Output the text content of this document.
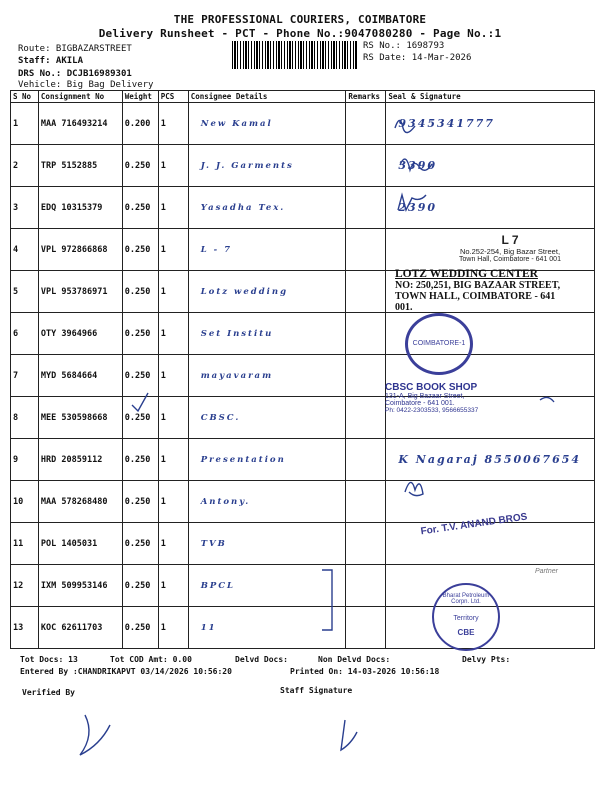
THE PROFESSIONAL COURIERS, COIMBATORE
Delivery Runsheet - PCT - Phone No.:9047080280 - Page No.:1
Route: BIGBAZARSTREET
Staff: AKILA
DRS No.: DCJB16989301
Vehicle: Big Bag Delivery
RS No.: 1698793
RS Date: 14-Mar-2026
S No	Consignment No	Weight	PCS	Consignee Details	Remarks	Seal & Signature
1	MAA 716493214	0.200	1	New Kamal		9345341777
2	TRP 5152885	0.250	1	J. J. Garments		3390
3	EDQ 10315379	0.250	1	Yasadha Tex.		2390
4	VPL 972866868	0.250	1	L - 7		
5	VPL 953786971	0.250	1	Lotz wedding		
6	OTY 3964966	0.250	1	Set Institu		
7	MYD 5684664	0.250	1	mayavaram		
8	MEE 530598668	0.250	1	CBSC.		
9	HRD 20859112	0.250	1	Presentation		K Nagaraj 8550067654
10	MAA 578268480	0.250	1	Antony.		
11	POL 1405031	0.250	1	TVB		
12	IXM 509953146	0.250	1	BPCL		
13	KOC 62611703	0.250	1	11		
L 7
No.252-254, Big Bazar Street,
Town Hall, Coimbatore - 641 001
LOTZ WEDDING CENTER
NO: 250,251, BIG BAZAAR STREET,
TOWN HALL, COIMBATORE - 641 001.
COIMBATORE-1
CBSC BOOK SHOP
131-A, Big Bazaar Street,
Coimbatore - 641 001.
Ph: 0422-2303533, 9566655337
For. T.V. ANAND BROS
Partner
Bharat Petroleum Corpn. Ltd.
Territory
CBE
Tot Docs: 13	Tot COD Amt: 0.00	Delvd Docs:	Non Delvd Docs:	Delvy Pts:
Entered By :CHANDRIKAPVT 03/14/2026 10:56:20	Printed On: 14-03-2026 10:56:18
Verified By	Staff Signature
